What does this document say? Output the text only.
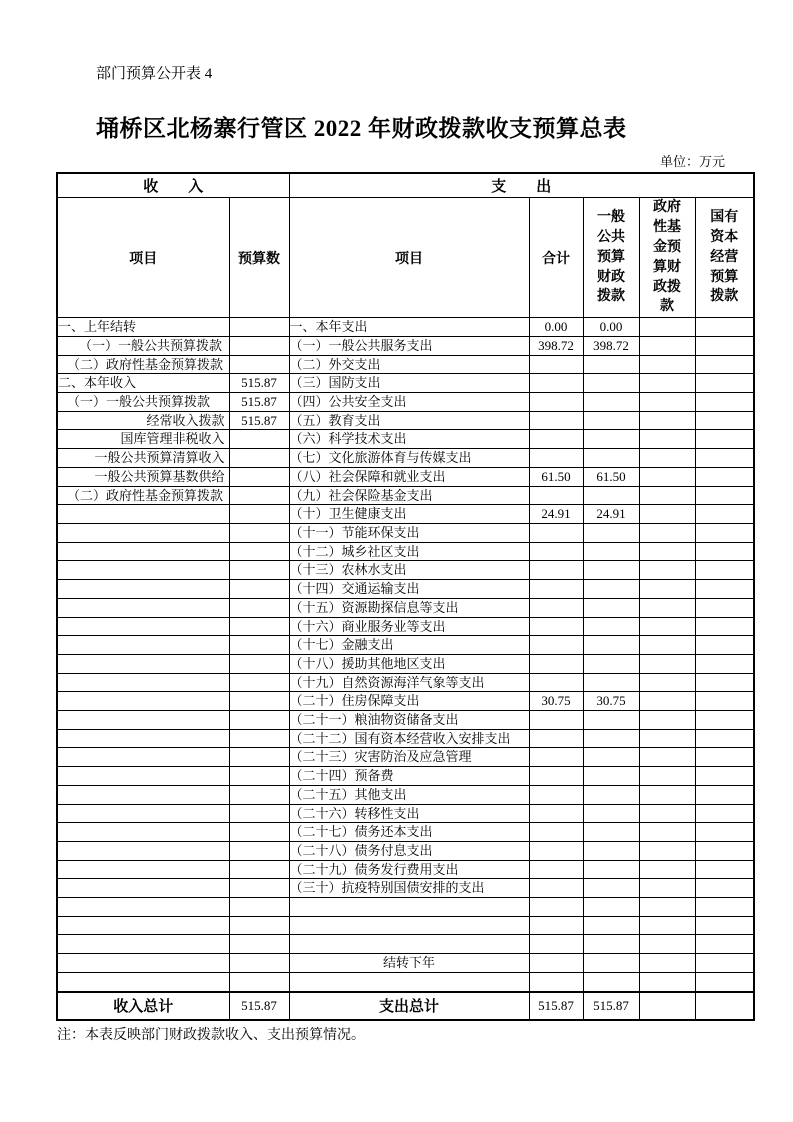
部门预算公开表 4
埇桥区北杨寨行管区 2022 年财政拨款收支预算总表
单位：万元
收　　入		支　　出				
项目	预算数	项目	合计	一般公共预算财政拨款	政府性基金预算财政拨款	国有资本经营预算拨款
一、上年结转		一、本年支出	0.00	0.00		
（一）一般公共预算拨款		（一）一般公共服务支出	398.72	398.72		
（二）政府性基金预算拨款		（二）外交支出				
二、本年收入	515.87	（三）国防支出				
（一）一般公共预算拨款	515.87	（四）公共安全支出				
经常收入拨款	515.87	（五）教育支出				
国库管理非税收入		（六）科学技术支出				
一般公共预算清算收入		（七）文化旅游体育与传媒支出				
一般公共预算基数供给		（八）社会保障和就业支出	61.50	61.50		
（二）政府性基金预算拨款		（九）社会保险基金支出				
		（十）卫生健康支出	24.91	24.91		
		（十一）节能环保支出				
		（十二）城乡社区支出				
		（十三）农林水支出				
		（十四）交通运输支出				
		（十五）资源勘探信息等支出				
		（十六）商业服务业等支出				
		（十七）金融支出				
		（十八）援助其他地区支出				
		（十九）自然资源海洋气象等支出				
		（二十）住房保障支出	30.75	30.75		
		（二十一）粮油物资储备支出				
		（二十二）国有资本经营收入安排支出				
		（二十三）灾害防治及应急管理				
		（二十四）预备费				
		（二十五）其他支出				
		（二十六）转移性支出				
		（二十七）债务还本支出				
		（二十八）债务付息支出				
		（二十九）债务发行费用支出				
		（三十）抗疫特别国债安排的支出				

		结转下年				

收入总计	515.87	支出总计	515.87	515.87		
注：本表反映部门财政拨款收入、支出预算情况。
